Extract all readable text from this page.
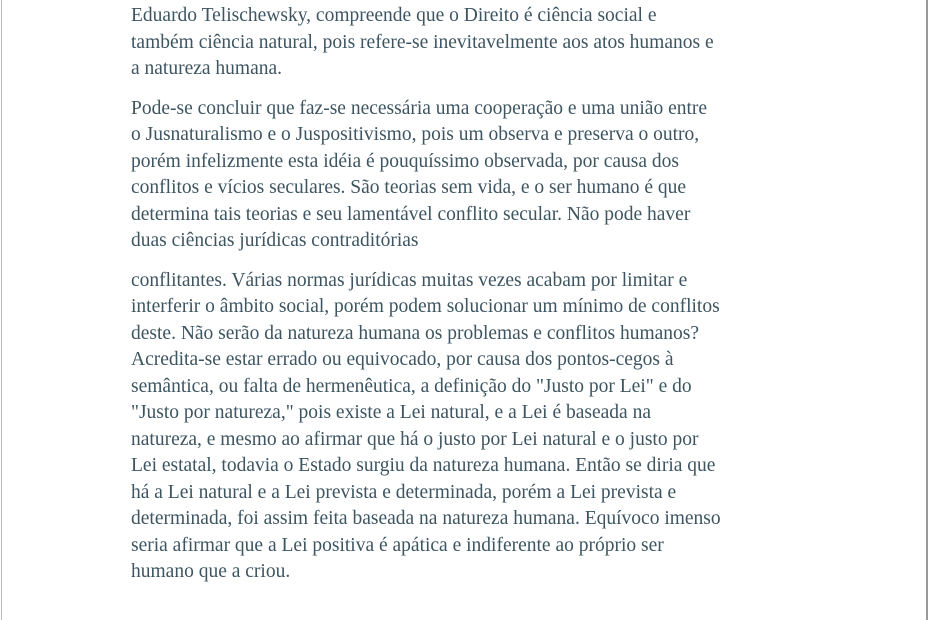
Eduardo Telischewsky, compreende que o Direito é ciência social e
também ciência natural, pois refere-se inevitavelmente aos atos humanos e
a natureza humana.

Pode-se concluir que faz-se necessária uma cooperação e uma união entre
o Jusnaturalismo e o Juspositivismo, pois um observa e preserva o outro,
porém infelizmente esta idéia é pouquíssimo observada, por causa dos
conflitos e vícios seculares. São teorias sem vida, e o ser humano é que
determina tais teorias e seu lamentável conflito secular. Não pode haver
duas ciências jurídicas contraditórias

conflitantes. Várias normas jurídicas muitas vezes acabam por limitar e
interferir o âmbito social, porém podem solucionar um mínimo de conflitos
deste. Não serão da natureza humana os problemas e conflitos humanos?
Acredita-se estar errado ou equivocado, por causa dos pontos-cegos à
semântica, ou falta de hermenêutica, a definição do "Justo por Lei" e do
"Justo por natureza," pois existe a Lei natural, e a Lei é baseada na
natureza, e mesmo ao afirmar que há o justo por Lei natural e o justo por
Lei estatal, todavia o Estado surgiu da natureza humana. Então se diria que
há a Lei natural e a Lei prevista e determinada, porém a Lei prevista e
determinada, foi assim feita baseada na natureza humana. Equívoco imenso
seria afirmar que a Lei positiva é apática e indiferente ao próprio ser
humano que a criou.
